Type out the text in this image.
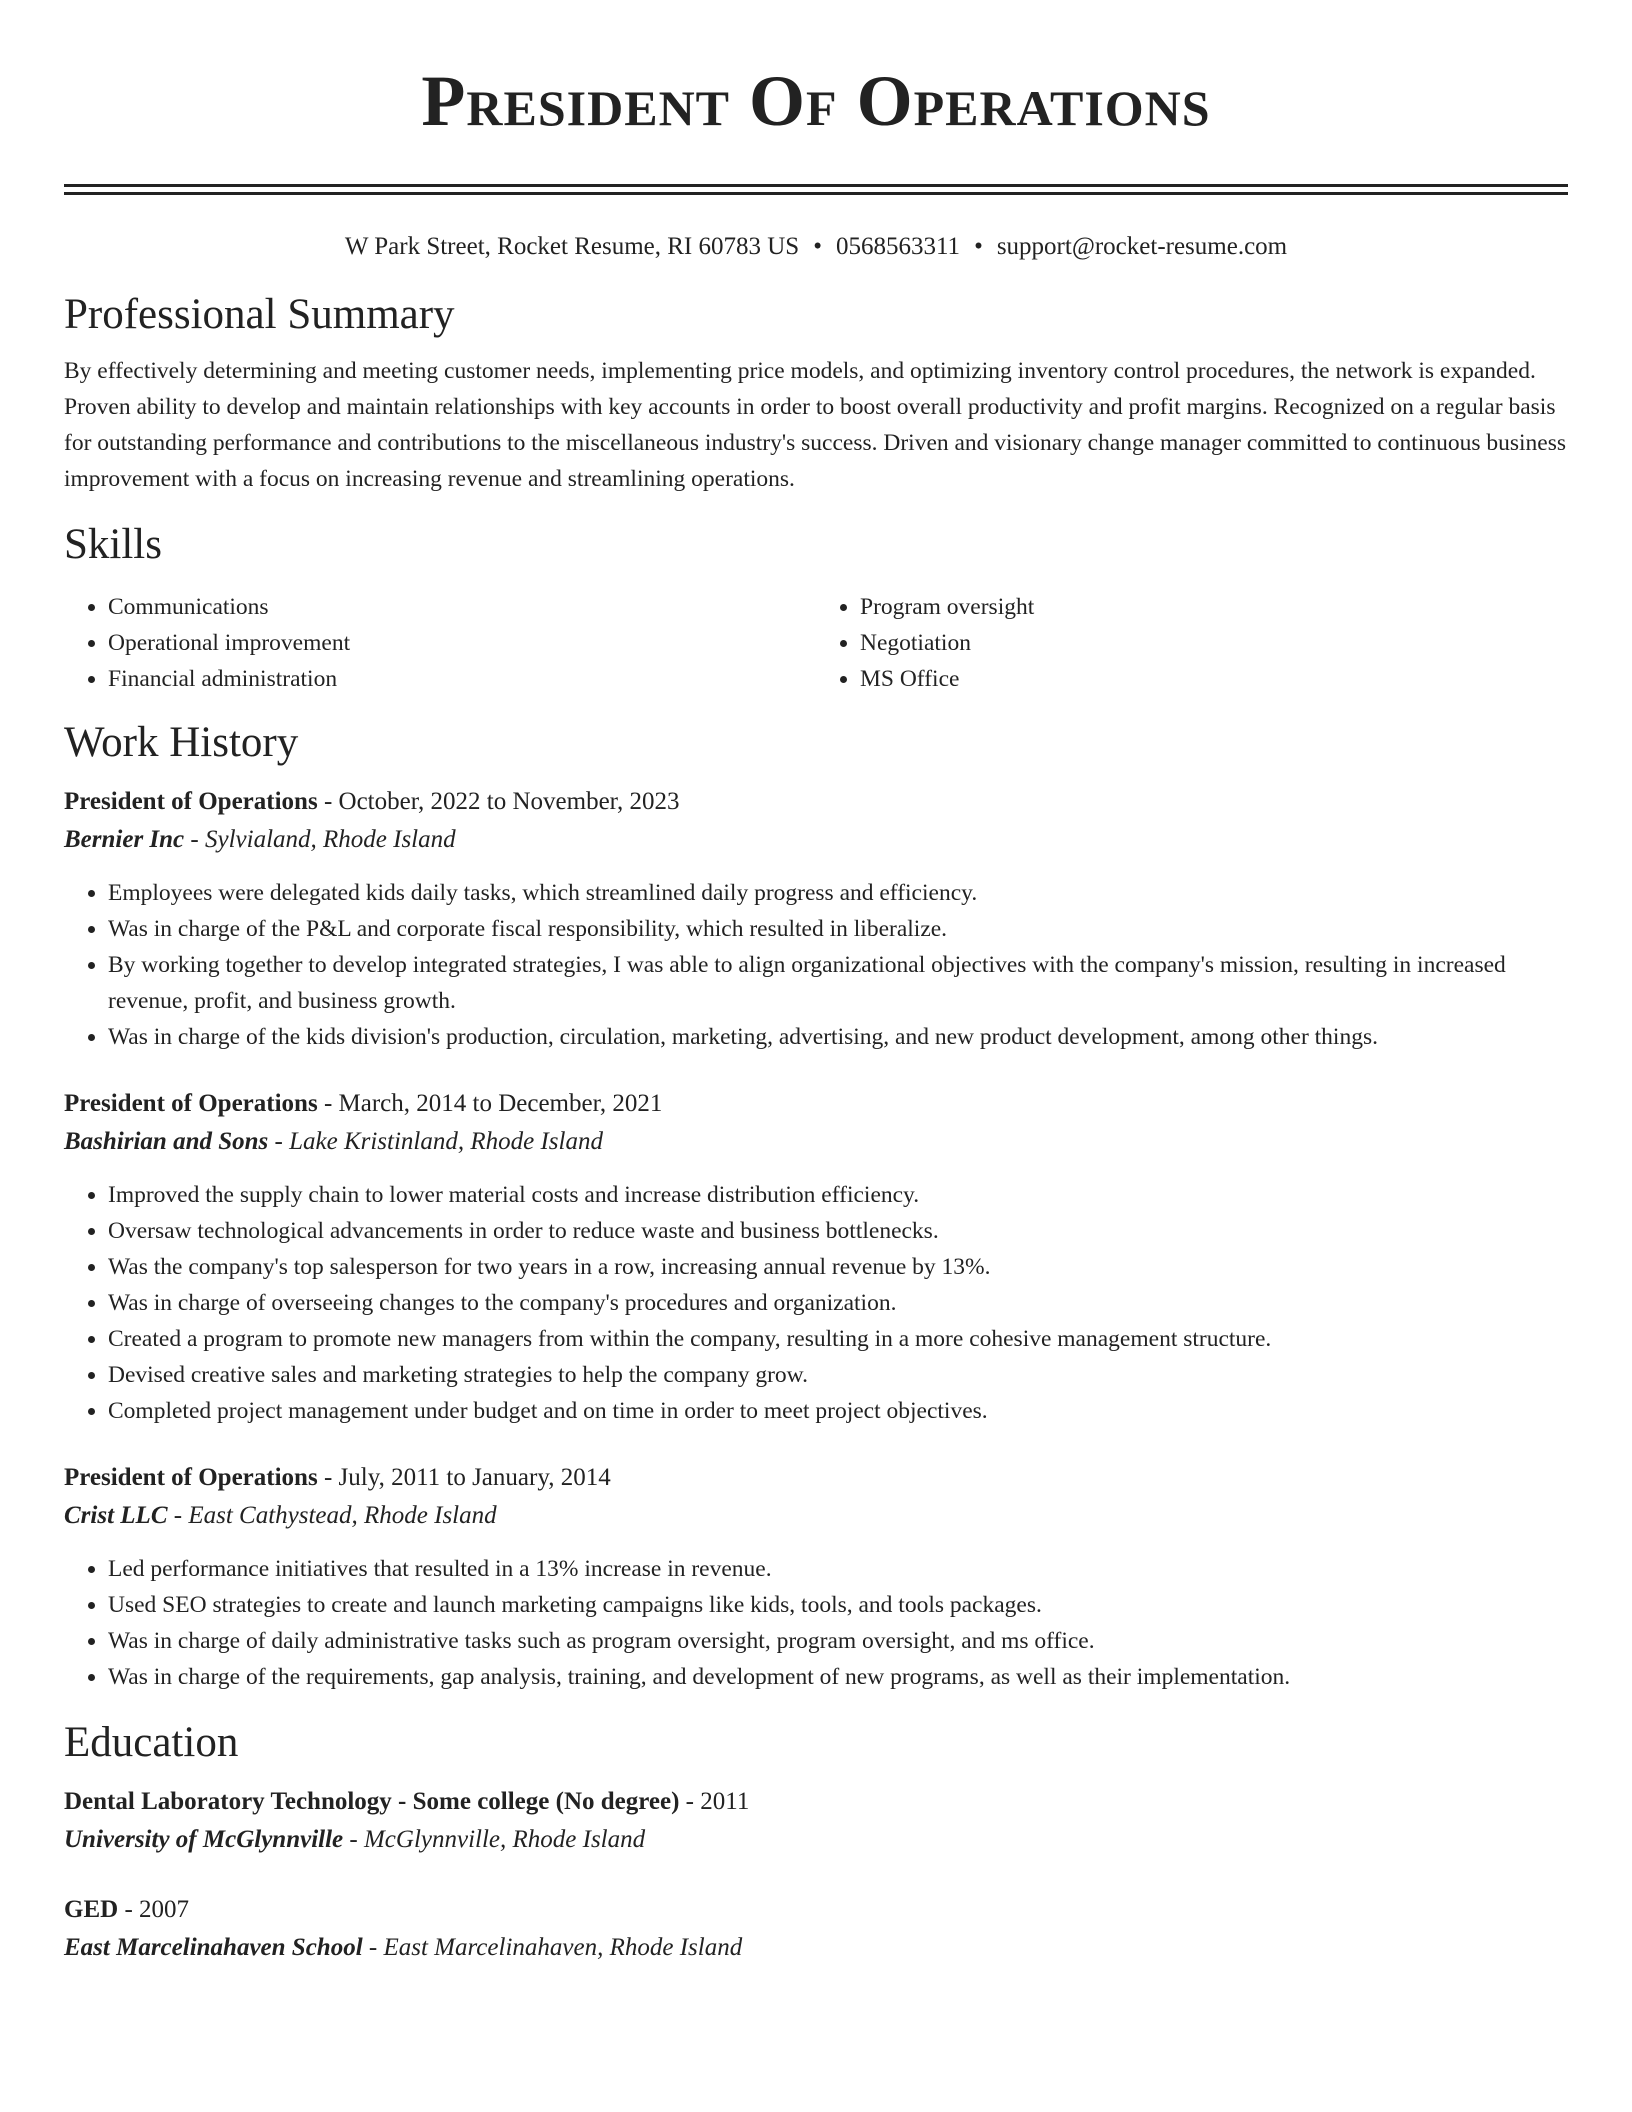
President Of Operations
W Park Street, Rocket Resume, RI 60783 US • 0568563311 • support@rocket-resume.com
Professional Summary

By effectively determining and meeting customer needs, implementing price models, and optimizing inventory control procedures, the network is expanded. Proven ability to develop and maintain relationships with key accounts in order to boost overall productivity and profit margins. Recognized on a regular basis for outstanding performance and contributions to the miscellaneous industry's success. Driven and visionary change manager committed to continuous business improvement with a focus on increasing revenue and streamlining operations.

Skills
• Communications
• Operational improvement
• Financial administration
• Program oversight
• Negotiation
• MS Office
Work History
President of Operations - October, 2022 to November, 2023
Bernier Inc - Sylvialand, Rhode Island
• Employees were delegated kids daily tasks, which streamlined daily progress and efficiency.
• Was in charge of the P&L and corporate fiscal responsibility, which resulted in liberalize.
• By working together to develop integrated strategies, I was able to align organizational objectives with the company's mission, resulting in increased revenue, profit, and business growth.
• Was in charge of the kids division's production, circulation, marketing, advertising, and new product development, among other things.
President of Operations - March, 2014 to December, 2021
Bashirian and Sons - Lake Kristinland, Rhode Island
• Improved the supply chain to lower material costs and increase distribution efficiency.
• Oversaw technological advancements in order to reduce waste and business bottlenecks.
• Was the company's top salesperson for two years in a row, increasing annual revenue by 13%.
• Was in charge of overseeing changes to the company's procedures and organization.
• Created a program to promote new managers from within the company, resulting in a more cohesive management structure.
• Devised creative sales and marketing strategies to help the company grow.
• Completed project management under budget and on time in order to meet project objectives.
President of Operations - July, 2011 to January, 2014
Crist LLC - East Cathystead, Rhode Island
• Led performance initiatives that resulted in a 13% increase in revenue.
• Used SEO strategies to create and launch marketing campaigns like kids, tools, and tools packages.
• Was in charge of daily administrative tasks such as program oversight, program oversight, and ms office.
• Was in charge of the requirements, gap analysis, training, and development of new programs, as well as their implementation.
Education
Dental Laboratory Technology - Some college (No degree) - 2011
University of McGlynnville - McGlynnville, Rhode Island
GED - 2007
East Marcelinahaven School - East Marcelinahaven, Rhode Island
